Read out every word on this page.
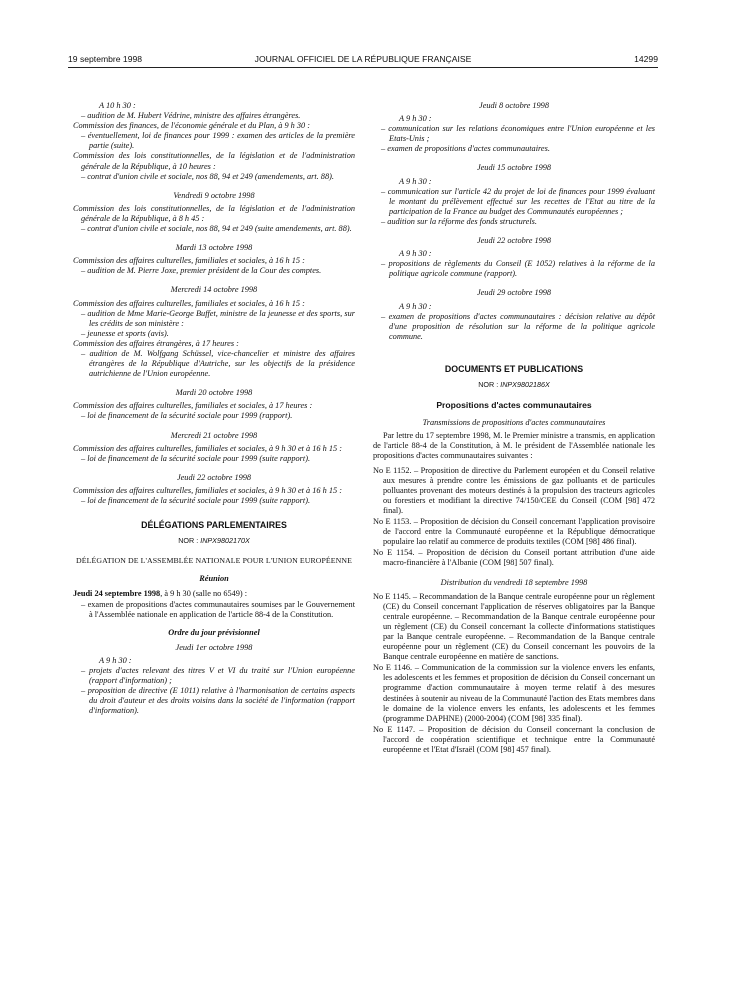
19 septembre 1998	JOURNAL OFFICIEL DE LA RÉPUBLIQUE FRANÇAISE	14299

A 10 h 30 :

– audition de M. Hubert Védrine, ministre des affaires étrangères.

Commission des finances, de l'économie générale et du Plan, à 9 h 30 :

– éventuellement, loi de finances pour 1999 : examen des articles de la première partie (suite).

Commission des lois constitutionnelles, de la législation et de l'administration générale de la République, à 10 heures :

– contrat d'union civile et sociale, nos 88, 94 et 249 (amendements, art. 88).

Vendredi 9 octobre 1998

Commission des lois constitutionnelles, de la législation et de l'administration générale de la République, à 8 h 45 :

– contrat d'union civile et sociale, nos 88, 94 et 249 (suite amendements, art. 88).

Mardi 13 octobre 1998

Commission des affaires culturelles, familiales et sociales, à 16 h 15 :

– audition de M. Pierre Joxe, premier président de la Cour des comptes.

Mercredi 14 octobre 1998

Commission des affaires culturelles, familiales et sociales, à 16 h 15 :

– audition de Mme Marie-George Buffet, ministre de la jeunesse et des sports, sur les crédits de son ministère :

– jeunesse et sports (avis).

Commission des affaires étrangères, à 17 heures :

– audition de M. Wolfgang Schüssel, vice-chancelier et ministre des affaires étrangères de la République d'Autriche, sur les objectifs de la présidence autrichienne de l'Union européenne.

Mardi 20 octobre 1998

Commission des affaires culturelles, familiales et sociales, à 17 heures :

– loi de financement de la sécurité sociale pour 1999 (rapport).

Mercredi 21 octobre 1998

Commission des affaires culturelles, familiales et sociales, à 9 h 30 et à 16 h 15 :

– loi de financement de la sécurité sociale pour 1999 (suite rapport).

Jeudi 22 octobre 1998

Commission des affaires culturelles, familiales et sociales, à 9 h 30 et à 16 h 15 :

– loi de financement de la sécurité sociale pour 1999 (suite rapport).

DÉLÉGATIONS PARLEMENTAIRES

NOR : INPX9802170X

DÉLÉGATION DE L'ASSEMBLÉE NATIONALE POUR L'UNION EUROPÉENNE

Réunion

Jeudi 24 septembre 1998, à 9 h 30 (salle no 6549) :

– examen de propositions d'actes communautaires soumises par le Gouvernement à l'Assemblée nationale en application de l'article 88-4 de la Constitution.

Ordre du jour prévisionnel

Jeudi 1er octobre 1998

A 9 h 30 :

– projets d'actes relevant des titres V et VI du traité sur l'Union européenne (rapport d'information) ;

– proposition de directive (E 1011) relative à l'harmonisation de certains aspects du droit d'auteur et des droits voisins dans la société de l'information (rapport d'information).

Jeudi 8 octobre 1998

A 9 h 30 :

– communication sur les relations économiques entre l'Union européenne et les Etats-Unis ;

– examen de propositions d'actes communautaires.

Jeudi 15 octobre 1998

A 9 h 30 :

– communication sur l'article 42 du projet de loi de finances pour 1999 évaluant le montant du prélèvement effectué sur les recettes de l'Etat au titre de la participation de la France au budget des Communautés européennes ;

– audition sur la réforme des fonds structurels.

Jeudi 22 octobre 1998

A 9 h 30 :

– propositions de règlements du Conseil (E 1052) relatives à la réforme de la politique agricole commune (rapport).

Jeudi 29 octobre 1998

A 9 h 30 :

– examen de propositions d'actes communautaires : décision relative au dépôt d'une proposition de résolution sur la réforme de la politique agricole commune.

DOCUMENTS ET PUBLICATIONS

NOR : INPX9802186X

Propositions d'actes communautaires

Transmissions de propositions d'actes communautaires

Par lettre du 17 septembre 1998, M. le Premier ministre a transmis, en application de l'article 88-4 de la Constitution, à M. le président de l'Assemblée nationale les propositions d'actes communautaires suivantes :

No E 1152. – Proposition de directive du Parlement européen et du Conseil relative aux mesures à prendre contre les émissions de gaz polluants et de particules polluantes provenant des moteurs destinés à la propulsion des tracteurs agricoles ou forestiers et modifiant la directive 74/150/CEE du Conseil (COM [98] 472 final).

No E 1153. – Proposition de décision du Conseil concernant l'application provisoire de l'accord entre la Communauté européenne et la République démocratique populaire lao relatif au commerce de produits textiles (COM [98] 486 final).

No E 1154. – Proposition de décision du Conseil portant attribution d'une aide macro-financière à l'Albanie (COM [98] 507 final).

Distribution du vendredi 18 septembre 1998

No E 1145. – Recommandation de la Banque centrale européenne pour un règlement (CE) du Conseil concernant l'application de réserves obligatoires par la Banque centrale européenne. – Recommandation de la Banque centrale européenne pour un règlement (CE) du Conseil concernant la collecte d'informations statistiques par la Banque centrale européenne. – Recommandation de la Banque centrale européenne pour un règlement (CE) du Conseil concernant les pouvoirs de la Banque centrale européenne en matière de sanctions.

No E 1146. – Communication de la commission sur la violence envers les enfants, les adolescents et les femmes et proposition de décision du Conseil concernant un programme d'action communautaire à moyen terme relatif à des mesures destinées à soutenir au niveau de la Communauté l'action des Etats membres dans le domaine de la violence envers les enfants, les adolescents et les femmes (programme DAPHNE) (2000-2004) (COM [98] 335 final).

No E 1147. – Proposition de décision du Conseil concernant la conclusion de l'accord de coopération scientifique et technique entre la Communauté européenne et l'Etat d'Israël (COM [98] 457 final).
